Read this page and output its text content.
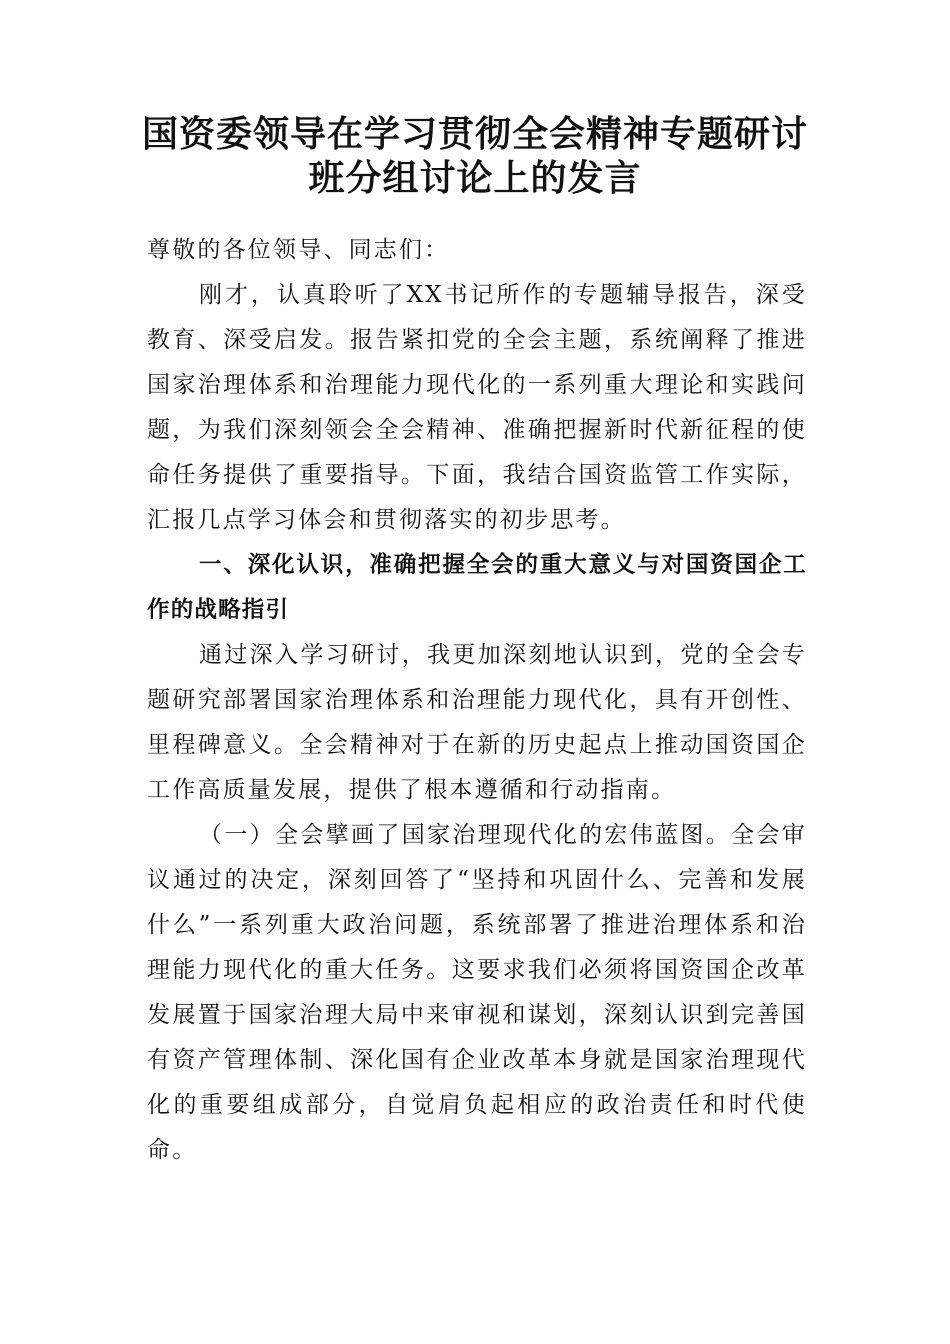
国资委领导在学习贯彻全会精神专题研讨
班分组讨论上的发言

尊敬的各位领导、同志们：

刚才，认真聆听了XX书记所作的专题辅导报告，深受教育、深受启发。报告紧扣党的全会主题，系统阐释了推进国家治理体系和治理能力现代化的一系列重大理论和实践问题，为我们深刻领会全会精神、准确把握新时代新征程的使命任务提供了重要指导。下面，我结合国资监管工作实际，汇报几点学习体会和贯彻落实的初步思考。

一、深化认识，准确把握全会的重大意义与对国资国企工作的战略指引

通过深入学习研讨，我更加深刻地认识到，党的全会专题研究部署国家治理体系和治理能力现代化，具有开创性、里程碑意义。全会精神对于在新的历史起点上推动国资国企工作高质量发展，提供了根本遵循和行动指南。

（一）全会擘画了国家治理现代化的宏伟蓝图。全会审议通过的决定，深刻回答了“坚持和巩固什么、完善和发展什么”一系列重大政治问题，系统部署了推进治理体系和治理能力现代化的重大任务。这要求我们必须将国资国企改革发展置于国家治理大局中来审视和谋划，深刻认识到完善国有资产管理体制、深化国有企业改革本身就是国家治理现代化的重要组成部分，自觉肩负起相应的政治责任和时代使命。
